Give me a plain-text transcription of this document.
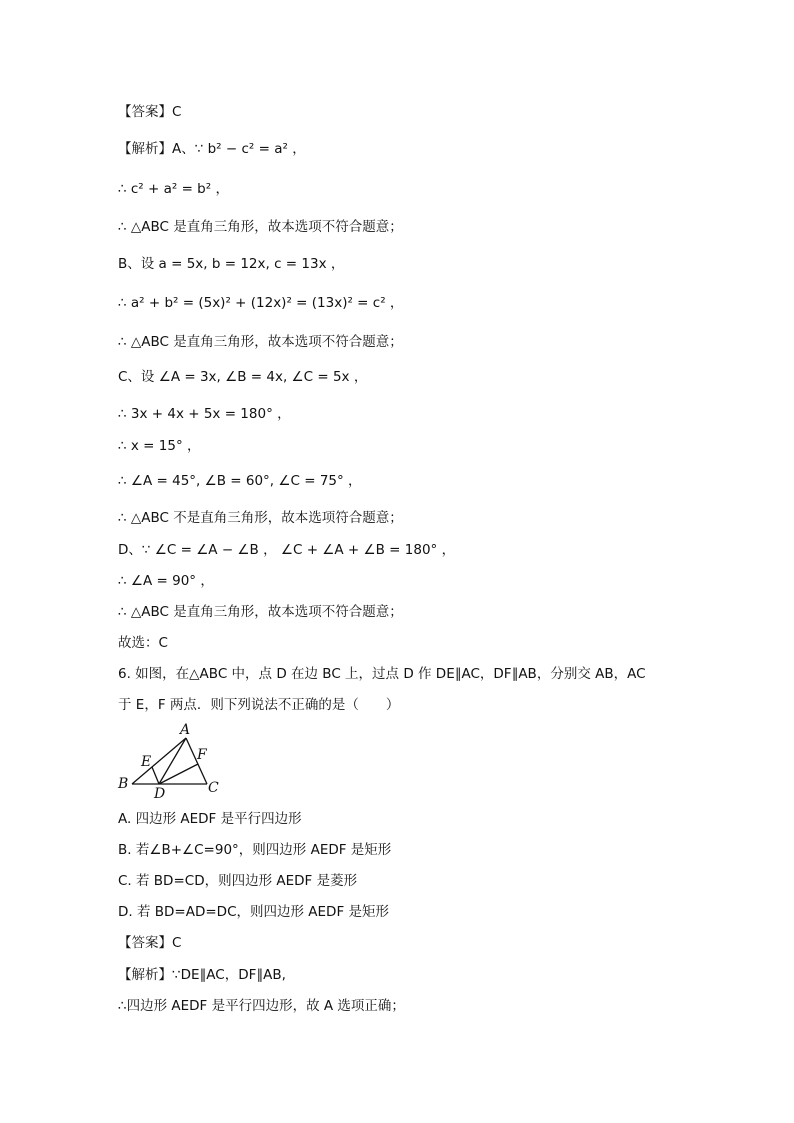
【答案】C
【解析】A、∵ b² − c² = a² ，
∴ c² + a² = b² ，
∴ △ABC 是直角三角形，故本选项不符合题意；
B、设 a = 5x, b = 12x, c = 13x ，
∴ a² + b² = (5x)² + (12x)² = (13x)² = c² ，
∴ △ABC 是直角三角形，故本选项不符合题意；
C、设 ∠A = 3x, ∠B = 4x, ∠C = 5x ，
∴ 3x + 4x + 5x = 180° ，
∴ x = 15° ，
∴ ∠A = 45°, ∠B = 60°, ∠C = 75° ，
∴ △ABC 不是直角三角形，故本选项符合题意；
D、∵ ∠C = ∠A − ∠B ， ∠C + ∠A + ∠B = 180° ，
∴ ∠A = 90° ，
∴ △ABC 是直角三角形，故本选项不符合题意；
故选：C
6. 如图，在△ABC 中，点 D 在边 BC 上，过点 D 作 DE∥AC，DF∥AB，分别交 AB，AC
于 E，F 两点．则下列说法不正确的是（　　）
A
B	C
D
E	F
A. 四边形 AEDF 是平行四边形
B. 若∠B+∠C=90°，则四边形 AEDF 是矩形
C. 若 BD=CD，则四边形 AEDF 是菱形
D. 若 BD=AD=DC，则四边形 AEDF 是矩形
【答案】C
【解析】∵DE∥AC，DF∥AB,
∴四边形 AEDF 是平行四边形，故 A 选项正确；
